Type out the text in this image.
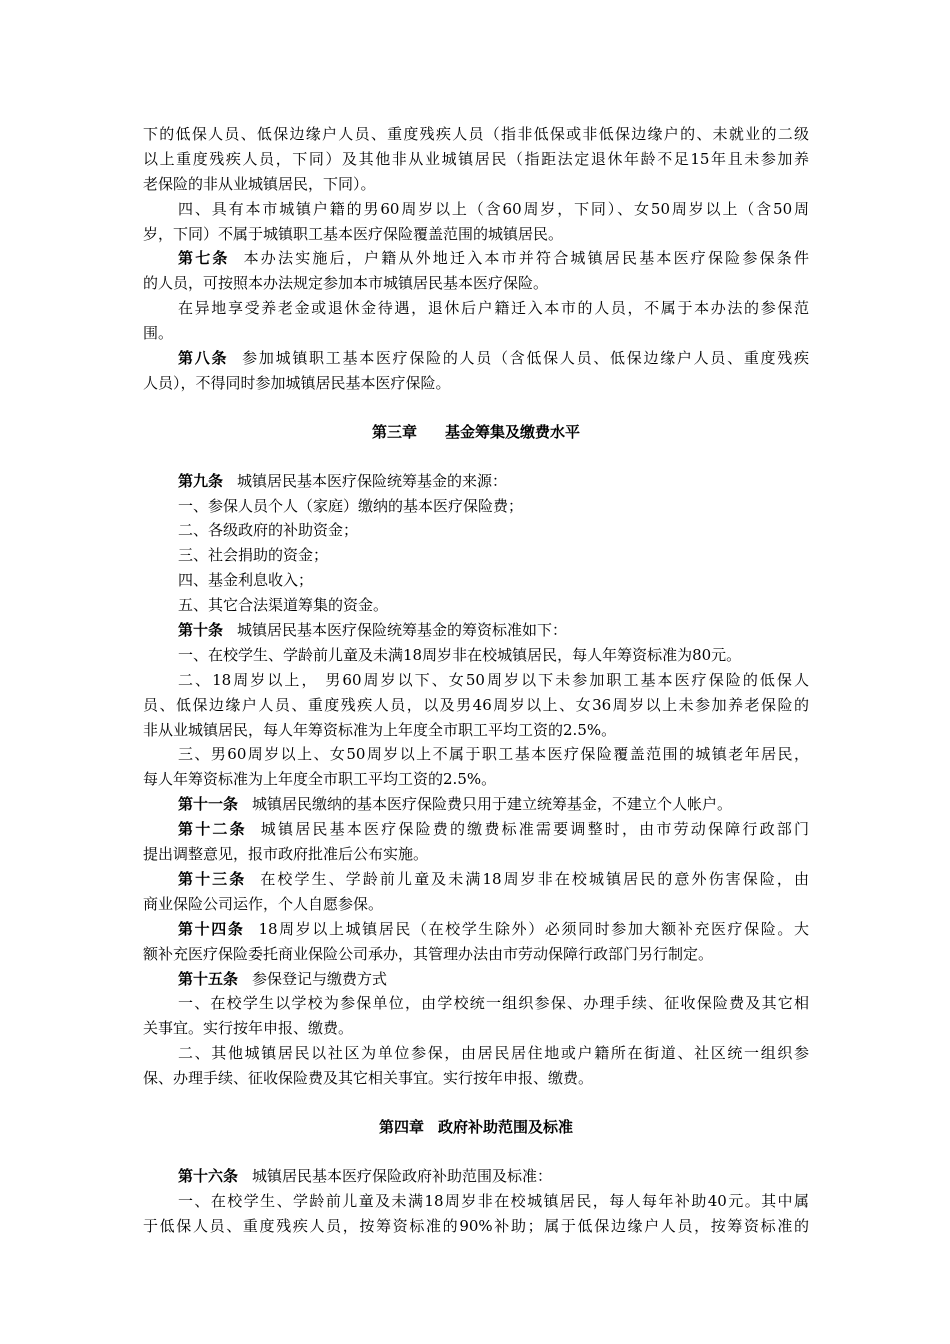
下的低保人员、低保边缘户人员、重度残疾人员（指非低保或非低保边缘户的、未就业的二级
以上重度残疾人员，下同）及其他非从业城镇居民（指距法定退休年龄不足15年且未参加养
老保险的非从业城镇居民，下同）。
四、具有本市城镇户籍的男60周岁以上（含60周岁，下同）、女50周岁以上（含50周
岁，下同）不属于城镇职工基本医疗保险覆盖范围的城镇居民。
第七条 本办法实施后，户籍从外地迁入本市并符合城镇居民基本医疗保险参保条件
的人员，可按照本办法规定参加本市城镇居民基本医疗保险。
在异地享受养老金或退休金待遇，退休后户籍迁入本市的人员，不属于本办法的参保范
围。
第八条 参加城镇职工基本医疗保险的人员（含低保人员、低保边缘户人员、重度残疾
人员），不得同时参加城镇居民基本医疗保险。
第三章 基金筹集及缴费水平
第九条 城镇居民基本医疗保险统筹基金的来源：
一、参保人员个人（家庭）缴纳的基本医疗保险费；
二、各级政府的补助资金；
三、社会捐助的资金；
四、基金利息收入；
五、其它合法渠道筹集的资金。
第十条 城镇居民基本医疗保险统筹基金的筹资标准如下：
一、在校学生、学龄前儿童及未满18周岁非在校城镇居民，每人年筹资标准为80元。
二、18周岁以上， 男60周岁以下、女50周岁以下未参加职工基本医疗保险的低保人
员、低保边缘户人员、重度残疾人员，以及男46周岁以上、女36周岁以上未参加养老保险的
非从业城镇居民，每人年筹资标准为上年度全市职工平均工资的2.5%。
三、男60周岁以上、女50周岁以上不属于职工基本医疗保险覆盖范围的城镇老年居民，
每人年筹资标准为上年度全市职工平均工资的2.5%。
第十一条 城镇居民缴纳的基本医疗保险费只用于建立统筹基金，不建立个人帐户。
第十二条 城镇居民基本医疗保险费的缴费标准需要调整时，由市劳动保障行政部门
提出调整意见，报市政府批准后公布实施。
第十三条 在校学生、学龄前儿童及未满18周岁非在校城镇居民的意外伤害保险，由
商业保险公司运作，个人自愿参保。
第十四条 18周岁以上城镇居民（在校学生除外）必须同时参加大额补充医疗保险。大
额补充医疗保险委托商业保险公司承办，其管理办法由市劳动保障行政部门另行制定。
第十五条 参保登记与缴费方式
一、在校学生以学校为参保单位，由学校统一组织参保、办理手续、征收保险费及其它相
关事宜。实行按年申报、缴费。
二、其他城镇居民以社区为单位参保，由居民居住地或户籍所在街道、社区统一组织参
保、办理手续、征收保险费及其它相关事宜。实行按年申报、缴费。
第四章 政府补助范围及标准
第十六条 城镇居民基本医疗保险政府补助范围及标准：
一、在校学生、学龄前儿童及未满18周岁非在校城镇居民，每人每年补助40元。其中属
于低保人员、重度残疾人员，按筹资标准的90%补助；属于低保边缘户人员，按筹资标准的
